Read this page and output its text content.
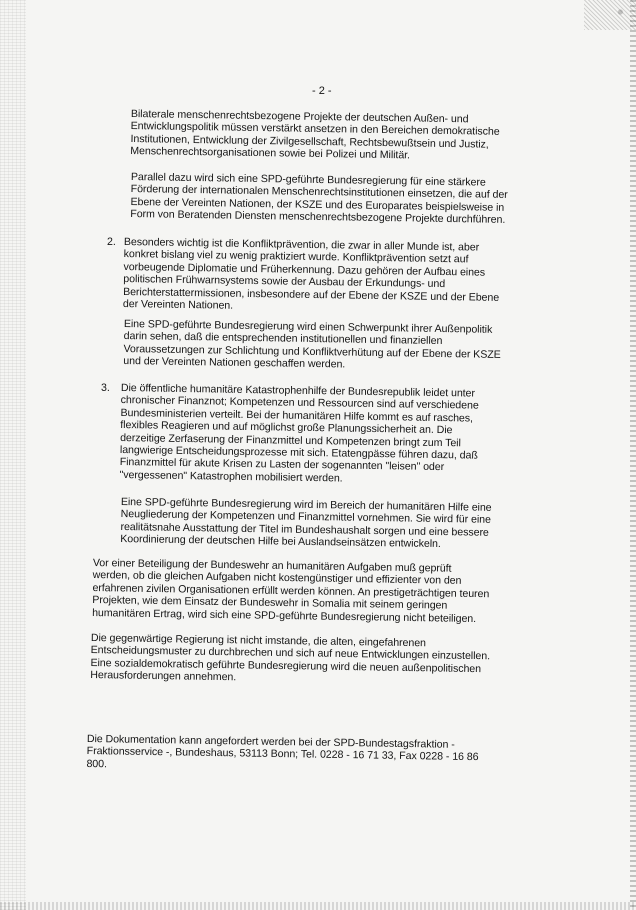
- 2 -
Bilaterale menschenrechtsbezogene Projekte der deutschen Außen- und
Entwicklungspolitik müssen verstärkt ansetzen in den Bereichen demokratische
Institutionen, Entwicklung der Zivilgesellschaft, Rechtsbewußtsein und Justiz,
Menschenrechtsorganisationen sowie bei Polizei und Militär.
Parallel dazu wird sich eine SPD-geführte Bundesregierung für eine stärkere
Förderung der internationalen Menschenrechtsinstitutionen einsetzen, die auf der
Ebene der Vereinten Nationen, der KSZE und des Europarates beispielsweise in
Form von Beratenden Diensten menschenrechtsbezogene Projekte durchführen.
2. Besonders wichtig ist die Konfliktprävention, die zwar in aller Munde ist, aber
konkret bislang viel zu wenig praktiziert wurde. Konfliktprävention setzt auf
vorbeugende Diplomatie und Früherkennung. Dazu gehören der Aufbau eines
politischen Frühwarnsystems sowie der Ausbau der Erkundungs- und
Berichterstattermissionen, insbesondere auf der Ebene der KSZE und der Ebene
der Vereinten Nationen.
Eine SPD-geführte Bundesregierung wird einen Schwerpunkt ihrer Außenpolitik
darin sehen, daß die entsprechenden institutionellen und finanziellen
Voraussetzungen zur Schlichtung und Konfliktverhütung auf der Ebene der KSZE
und der Vereinten Nationen geschaffen werden.
3. Die öffentliche humanitäre Katastrophenhilfe der Bundesrepublik leidet unter
chronischer Finanznot; Kompetenzen und Ressourcen sind auf verschiedene
Bundesministerien verteilt. Bei der humanitären Hilfe kommt es auf rasches,
flexibles Reagieren und auf möglichst große Planungssicherheit an. Die
derzeitige Zerfaserung der Finanzmittel und Kompetenzen bringt zum Teil
langwierige Entscheidungsprozesse mit sich. Etatengpässe führen dazu, daß
Finanzmittel für akute Krisen zu Lasten der sogenannten "leisen" oder
"vergessenen" Katastrophen mobilisiert werden.
Eine SPD-geführte Bundesregierung wird im Bereich der humanitären Hilfe eine
Neugliederung der Kompetenzen und Finanzmittel vornehmen. Sie wird für eine
realitätsnahe Ausstattung der Titel im Bundeshaushalt sorgen und eine bessere
Koordinierung der deutschen Hilfe bei Auslandseinsätzen entwickeln.
Vor einer Beteiligung der Bundeswehr an humanitären Aufgaben muß geprüft
werden, ob die gleichen Aufgaben nicht kostengünstiger und effizienter von den
erfahrenen zivilen Organisationen erfüllt werden können. An prestigeträchtigen teuren
Projekten, wie dem Einsatz der Bundeswehr in Somalia mit seinem geringen
humanitären Ertrag, wird sich eine SPD-geführte Bundesregierung nicht beteiligen.
Die gegenwärtige Regierung ist nicht imstande, die alten, eingefahrenen
Entscheidungsmuster zu durchbrechen und sich auf neue Entwicklungen einzustellen.
Eine sozialdemokratisch geführte Bundesregierung wird die neuen außenpolitischen
Herausforderungen annehmen.
Die Dokumentation kann angefordert werden bei der SPD-Bundestagsfraktion -
Fraktionsservice -, Bundeshaus, 53113 Bonn; Tel. 0228 - 16 71 33, Fax 0228 - 16 86
800.
